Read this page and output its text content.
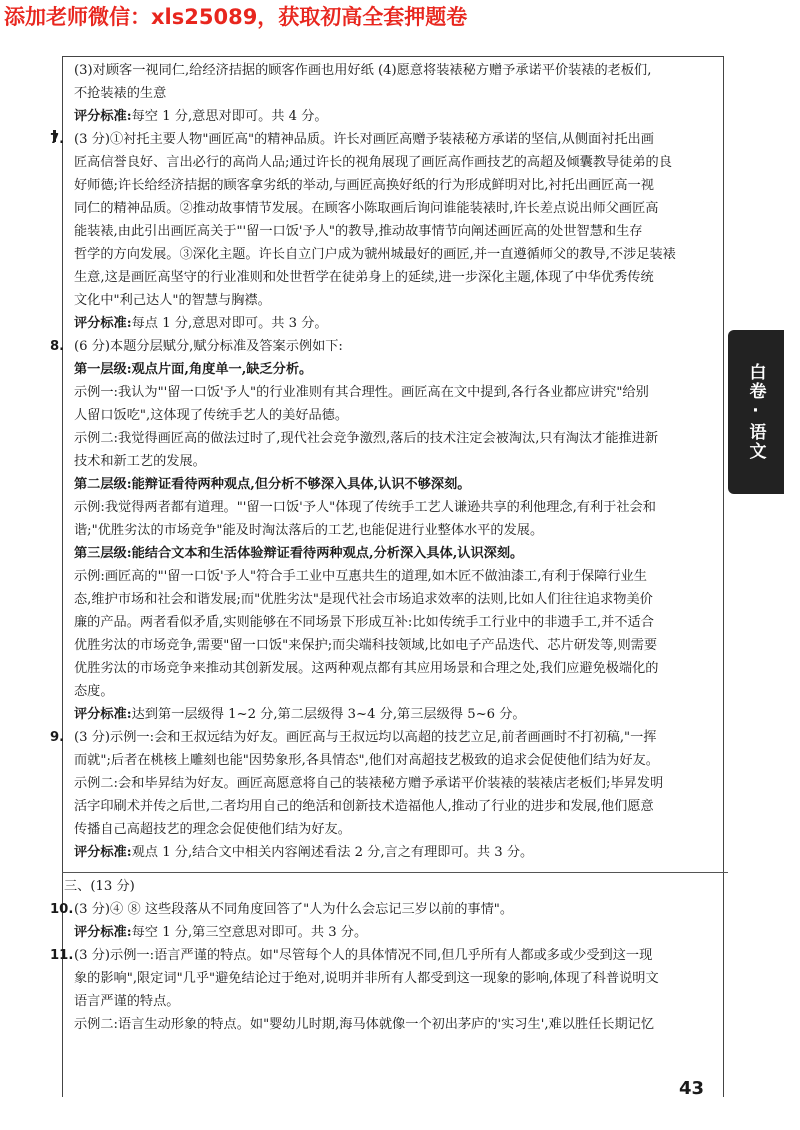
添加老师微信：xls25089，获取初高全套押题卷
(3)对顾客一视同仁,给经济拮据的顾客作画也用好纸 (4)愿意将装裱秘方赠予承诺平价装裱的老板们,
不抢装裱的生意
评分标准:每空 1 分,意思对即可。共 4 分。
7. (3 分)①衬托主要人物"画匠高"的精神品质。许长对画匠高赠予装裱秘方承诺的坚信,从侧面衬托出画
匠高信誉良好、言出必行的高尚人品;通过许长的视角展现了画匠高作画技艺的高超及倾囊教导徒弟的良
好师德;许长给经济拮据的顾客拿劣纸的举动,与画匠高换好纸的行为形成鲜明对比,衬托出画匠高一视
同仁的精神品质。②推动故事情节发展。在顾客小陈取画后询问谁能装裱时,许长差点说出师父画匠高
能装裱,由此引出画匠高关于"'留一口饭'予人"的教导,推动故事情节向阐述画匠高的处世智慧和生存
哲学的方向发展。③深化主题。许长自立门户成为虢州城最好的画匠,并一直遵循师父的教导,不涉足装裱
生意,这是画匠高坚守的行业准则和处世哲学在徒弟身上的延续,进一步深化主题,体现了中华优秀传统
文化中"利己达人"的智慧与胸襟。
评分标准:每点 1 分,意思对即可。共 3 分。
8. (6 分)本题分层赋分,赋分标准及答案示例如下:
第一层级:观点片面,角度单一,缺乏分析。
示例一:我认为"'留一口饭'予人"的行业准则有其合理性。画匠高在文中提到,各行各业都应讲究"给别
人留口饭吃",这体现了传统手艺人的美好品德。
示例二:我觉得画匠高的做法过时了,现代社会竞争激烈,落后的技术注定会被淘汰,只有淘汰才能推进新
技术和新工艺的发展。
第二层级:能辩证看待两种观点,但分析不够深入具体,认识不够深刻。
示例:我觉得两者都有道理。"'留一口饭'予人"体现了传统手工艺人谦逊共享的利他理念,有利于社会和
谐;"优胜劣汰的市场竞争"能及时淘汰落后的工艺,也能促进行业整体水平的发展。
第三层级:能结合文本和生活体验辩证看待两种观点,分析深入具体,认识深刻。
示例:画匠高的"'留一口饭'予人"符合手工业中互惠共生的道理,如木匠不做油漆工,有利于保障行业生
态,维护市场和社会和谐发展;而"优胜劣汰"是现代社会市场追求效率的法则,比如人们往往追求物美价
廉的产品。两者看似矛盾,实则能够在不同场景下形成互补:比如传统手工行业中的非遗手工,并不适合
优胜劣汰的市场竞争,需要"留一口饭"来保护;而尖端科技领域,比如电子产品迭代、芯片研发等,则需要
优胜劣汰的市场竞争来推动其创新发展。这两种观点都有其应用场景和合理之处,我们应避免极端化的
态度。
评分标准:达到第一层级得 1~2 分,第二层级得 3~4 分,第三层级得 5~6 分。
9. (3 分)示例一:会和王叔远结为好友。画匠高与王叔远均以高超的技艺立足,前者画画时不打初稿,"一挥
而就";后者在桃核上雕刻也能"因势象形,各具情态",他们对高超技艺极致的追求会促使他们结为好友。
示例二:会和毕昇结为好友。画匠高愿意将自己的装裱秘方赠予承诺平价装裱的装裱店老板们;毕昇发明
活字印刷术并传之后世,二者均用自己的绝活和创新技术造福他人,推动了行业的进步和发展,他们愿意
传播自己高超技艺的理念会促使他们结为好友。
评分标准:观点 1 分,结合文中相关内容阐述看法 2 分,言之有理即可。共 3 分。
三、(13 分)
10.(3 分)④ ⑧ 这些段落从不同角度回答了"人为什么会忘记三岁以前的事情"。
评分标准:每空 1 分,第三空意思对即可。共 3 分。
11.(3 分)示例一:语言严谨的特点。如"尽管每个人的具体情况不同,但几乎所有人都或多或少受到这一现
象的影响",限定词"几乎"避免结论过于绝对,说明并非所有人都受到这一现象的影响,体现了科普说明文
语言严谨的特点。
示例二:语言生动形象的特点。如"婴幼儿时期,海马体就像一个初出茅庐的'实习生',难以胜任长期记忆
白卷·语文
43
